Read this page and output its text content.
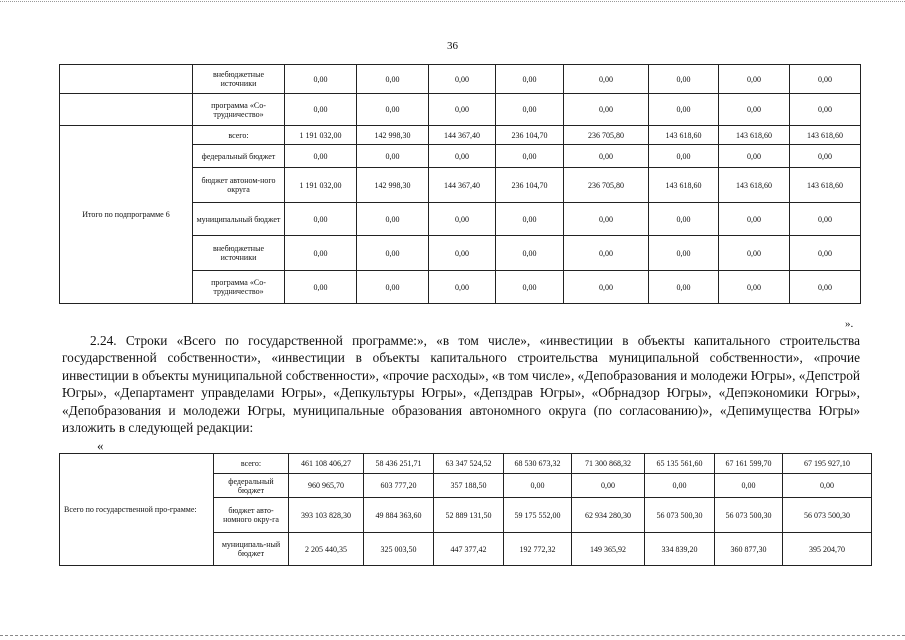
36
	внебюджетные источники	0,00	0,00	0,00	0,00	0,00	0,00	0,00	0,00
	программа «Со-трудничество»	0,00	0,00	0,00	0,00	0,00	0,00	0,00	0,00
Итого по подпрограмме 6	всего:	1 191 032,00	142 998,30	144 367,40	236 104,70	236 705,80	143 618,60	143 618,60	143 618,60
	федеральный бюджет	0,00	0,00	0,00	0,00	0,00	0,00	0,00	0,00
	бюджет автоном-ного округа	1 191 032,00	142 998,30	144 367,40	236 104,70	236 705,80	143 618,60	143 618,60	143 618,60
	муниципальный бюджет	0,00	0,00	0,00	0,00	0,00	0,00	0,00	0,00
	внебюджетные источники	0,00	0,00	0,00	0,00	0,00	0,00	0,00	0,00
	программа «Со-трудничество»	0,00	0,00	0,00	0,00	0,00	0,00	0,00	0,00
».

2.24. Строки «Всего по государственной программе:», «в том числе», «инвестиции в объекты капитального строительства государственной собственности», «инвестиции в объекты капитального строительства муниципальной собственности», «прочие инвестиции в объекты муниципальной собственности», «прочие расходы», «в том числе», «Депобразования и молодежи Югры», «Депстрой Югры», «Департамент управделами Югры», «Депкультуры Югры», «Депздрав Югры», «Обрнадзор Югры», «Депэкономики Югры», «Депобразования и молодежи Югры, муниципальные образования автономного округа (по согласованию)», «Депимущества Югры» изложить в следующей редакции:

«
Всего по государственной про-грамме:	всего:	461 108 406,27	58 436 251,71	63 347 524,52	68 530 673,32	71 300 868,32	65 135 561,60	67 161 599,70	67 195 927,10
	федеральный бюджет	960 965,70	603 777,20	357 188,50	0,00	0,00	0,00	0,00	0,00
	бюджет авто-номного окру-га	393 103 828,30	49 884 363,60	52 889 131,50	59 175 552,00	62 934 280,30	56 073 500,30	56 073 500,30	56 073 500,30
	муниципаль-ный бюджет	2 205 440,35	325 003,50	447 377,42	192 772,32	149 365,92	334 839,20	360 877,30	395 204,70
